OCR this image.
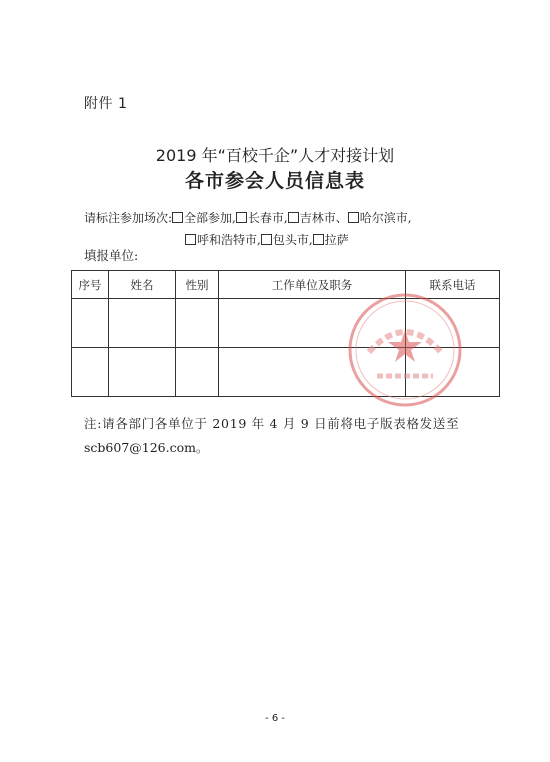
附件 1
2019 年“百校千企”人才对接计划
各市参会人员信息表
请标注参加场次: 全部参加, 长春市, 吉林市、 哈尔滨市,
呼和浩特市, 包头市, 拉萨
填报单位:
序号	姓名	性别	工作单位及职务	联系电话

注:请各部门各单位于 2019 年 4 月 9 日前将电子版表格发送至
scb607@126.com。
- 6 -
